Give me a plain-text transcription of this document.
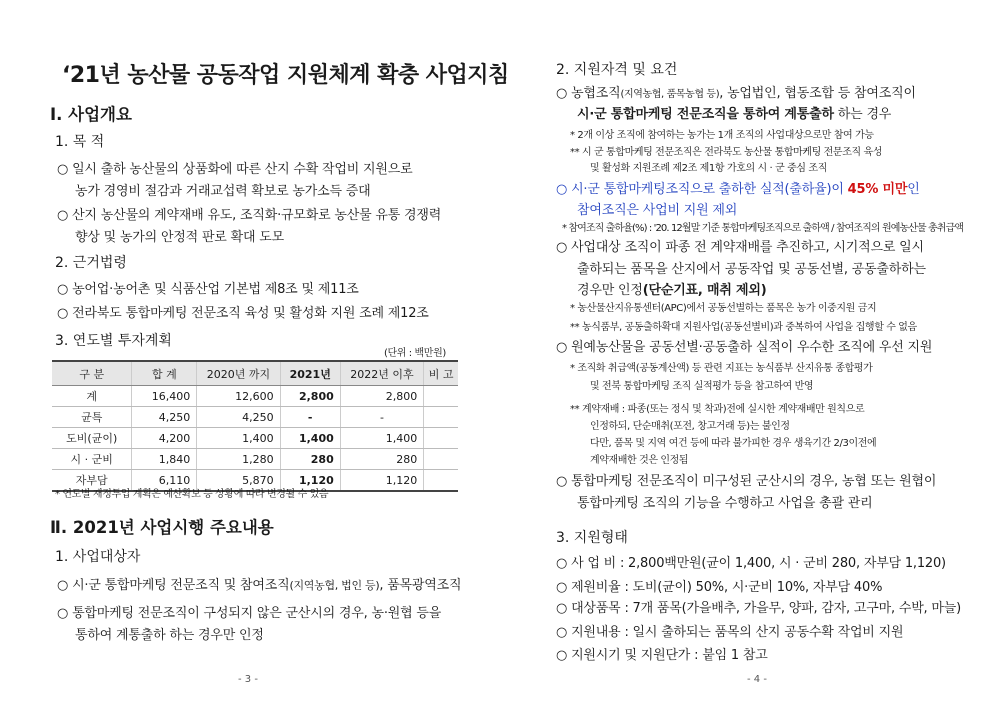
‘21년 농산물 공동작업 지원체계 확충 사업지침
Ⅰ. 사업개요
1. 목 적
○ 일시 출하 농산물의 상품화에 따른 산지 수확 작업비 지원으로
농가 경영비 절감과 거래교섭력 확보로 농가소득 증대
○ 산지 농산물의 계약재배 유도, 조직화·규모화로 농산물 유통 경쟁력
향상 및 농가의 안정적 판로 확대 도모
2. 근거법령
○ 농어업·농어촌 및 식품산업 기본법 제8조 및 제11조
○ 전라북도 통합마케팅 전문조직 육성 및 활성화 지원 조례 제12조
3. 연도별 투자계획
(단위 : 백만원)
구 분	합 계	2020년 까지	2021년	2022년 이후	비 고
계	16,400	12,600	2,800	2,800	
균특	4,250	4,250	-	-	
도비(균이)	4,200	1,400	1,400	1,400	
시 · 군비	1,840	1,280	280	280	
자부담	6,110	5,870	1,120	1,120	
* 연도별 재정투입 계획은 예산확보 등 상황에 따라 변경될 수 있음
Ⅱ. 2021년 사업시행 주요내용
1. 사업대상자
○ 시·군 통합마케팅 전문조직 및 참여조직(지역농협, 법인 등), 품목광역조직
○ 통합마케팅 전문조직이 구성되지 않은 군산시의 경우, 농·원협 등을
통하여 계통출하 하는 경우만 인정
- 3 -
2. 지원자격 및 요건
○ 농협조직(지역농협, 품목농협 등), 농업법인, 협동조합 등 참여조직이
시·군 통합마케팅 전문조직을 통하여 계통출하 하는 경우
* 2개 이상 조직에 참여하는 농가는 1개 조직의 사업대상으로만 참여 가능
** 시 군 통합마케팅 전문조직은 전라북도 농산물 통합마케팅 전문조직 육성
및 활성화 지원조례 제2조 제1항 가호의 시 · 군 중심 조직
○ 시·군 통합마케팅조직으로 출하한 실적(출하율)이 45% 미만인
참여조직은 사업비 지원 제외
* 참여조직 출하율(%) : '20. 12월말 기준 통합마케팅조직으로 출하액 / 참여조직의 원예농산물 총취급액
○ 사업대상 조직이 파종 전 계약재배를 추진하고, 시기적으로 일시
출하되는 품목을 산지에서 공동작업 및 공동선별, 공동출하하는
경우만 인정(단순기표, 매취 제외)
* 농산물산지유통센터(APC)에서 공동선별하는 품목은 농가 이중지원 금지
** 농식품부, 공동출하확대 지원사업(공동선별비)과 중복하여 사업을 집행할 수 없음
○ 원예농산물을 공동선별·공동출하 실적이 우수한 조직에 우선 지원
* 조직화 취급액(공동계산액) 등 관련 지표는 농식품부 산지유통 종합평가
및 전북 통합마케팅 조직 실적평가 등을 참고하여 반영
** 계약재배 : 파종(또는 정식 및 착과)전에 실시한 계약재배만 원칙으로
인정하되, 단순매취(포전, 창고거래 등)는 불인정
다만, 품목 및 지역 여건 등에 따라 불가피한 경우 생육기간 2/3이전에
계약재배한 것은 인정됨
○ 통합마케팅 전문조직이 미구성된 군산시의 경우, 농협 또는 원협이
통합마케팅 조직의 기능을 수행하고 사업을 총괄 관리
3. 지원형태
○ 사 업 비 : 2,800백만원(균이 1,400, 시 · 군비 280, 자부담 1,120)
○ 제원비율 : 도비(균이) 50%, 시·군비 10%, 자부담 40%
○ 대상품목 : 7개 품목(가을배추, 가을무, 양파, 감자, 고구마, 수박, 마늘)
○ 지원내용 : 일시 출하되는 품목의 산지 공동수확 작업비 지원
○ 지원시기 및 지원단가 : 붙임 1 참고
- 4 -
